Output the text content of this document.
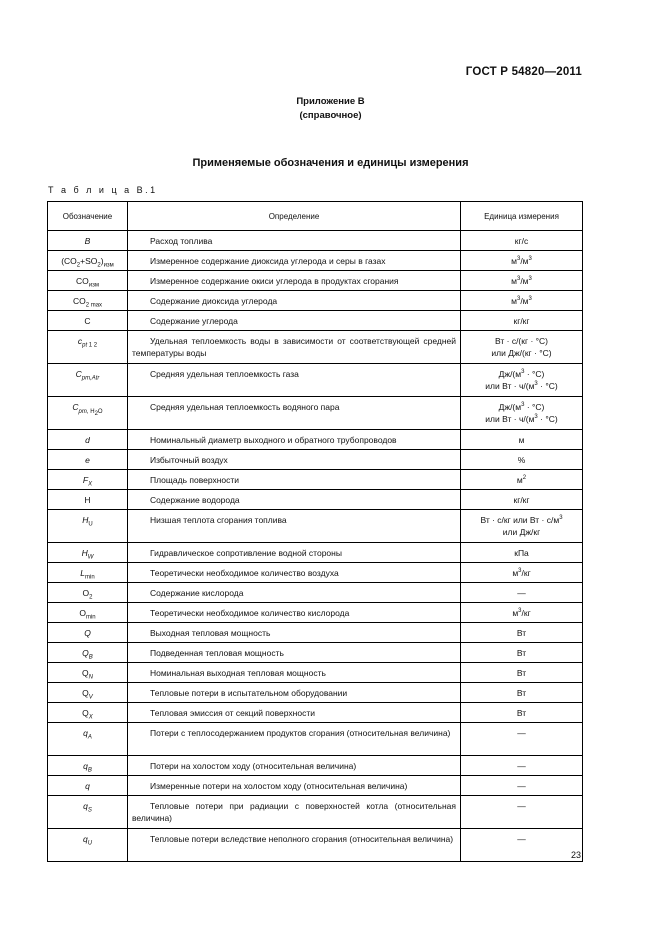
ГОСТ Р 54820—2011
Приложение В
(справочное)
Применяемые обозначения и единицы измерения
Т а б л и ц а В.1
Обозначение	Определение	Единица измерения
B	Расход топлива	кг/с
$(CO_2+SO_2)_{изм}$	Измеренное содержание диоксида углерода и серы в газах	$м^3/м^3$
$CO_{изм}$	Измеренное содержание окиси углерода в продуктах сгорания	$м^3/м^3$
$CO_{2 max}$	Содержание диоксида углерода	$м^3/м^3$
C	Содержание углерода	кг/кг
$c_{pt 1 2}$	Удельная теплоемкость воды в зависимости от соответствующей средней температуры воды	Вт · с/(кг · °С)
или Дж/(кг · °С)
$C_{pm,Atr}$	Средняя удельная теплоемкость газа	$Дж/(м^3 \cdot ^\circ С)$
или Вт · $ч/(м^3 \cdot ^\circ С)$
$C_{pm, H_2O}$	Средняя удельная теплоемкость водяного пара	$Дж/(м^3 \cdot ^\circ С)$
или Вт · $ч/(м^3 \cdot ^\circ С)$
d	Номинальный диаметр выходного и обратного трубопроводов	м
e	Избыточный воздух	%
$F_X$	Площадь поверхности	$м^2$
H	Содержание водорода	кг/кг
$H_U$	Низшая теплота сгорания топлива	Вт · с/кг или Вт · $с/м^3$
или Дж/кг
$H_W$	Гидравлическое сопротивление водной стороны	кПа
$L_{min}$	Теоретически необходимое количество воздуха	$м^3/кг$
$O_2$	Содержание кислорода	—
$O_{min}$	Теоретически необходимое количество кислорода	$м^3/кг$
Q	Выходная тепловая мощность	Вт
$Q_B$	Подведенная тепловая мощность	Вт
$Q_N$	Номинальная выходная тепловая мощность	Вт
$Q_V$	Тепловые потери в испытательном оборудовании	Вт
$Q_X$	Тепловая эмиссия от секций поверхности	Вт
$q_A$	Потери с теплосодержанием продуктов сгорания (относительная величина)	—
$q_B$	Потери на холостом ходу (относительная величина)	—
q	Измеренные потери на холостом ходу (относительная величина)	—
$q_S$	Тепловые потери при радиации с поверхностей котла (относительная величина)	—
$q_U$	Тепловые потери вследствие неполного сгорания (относительная величина)	—
23
